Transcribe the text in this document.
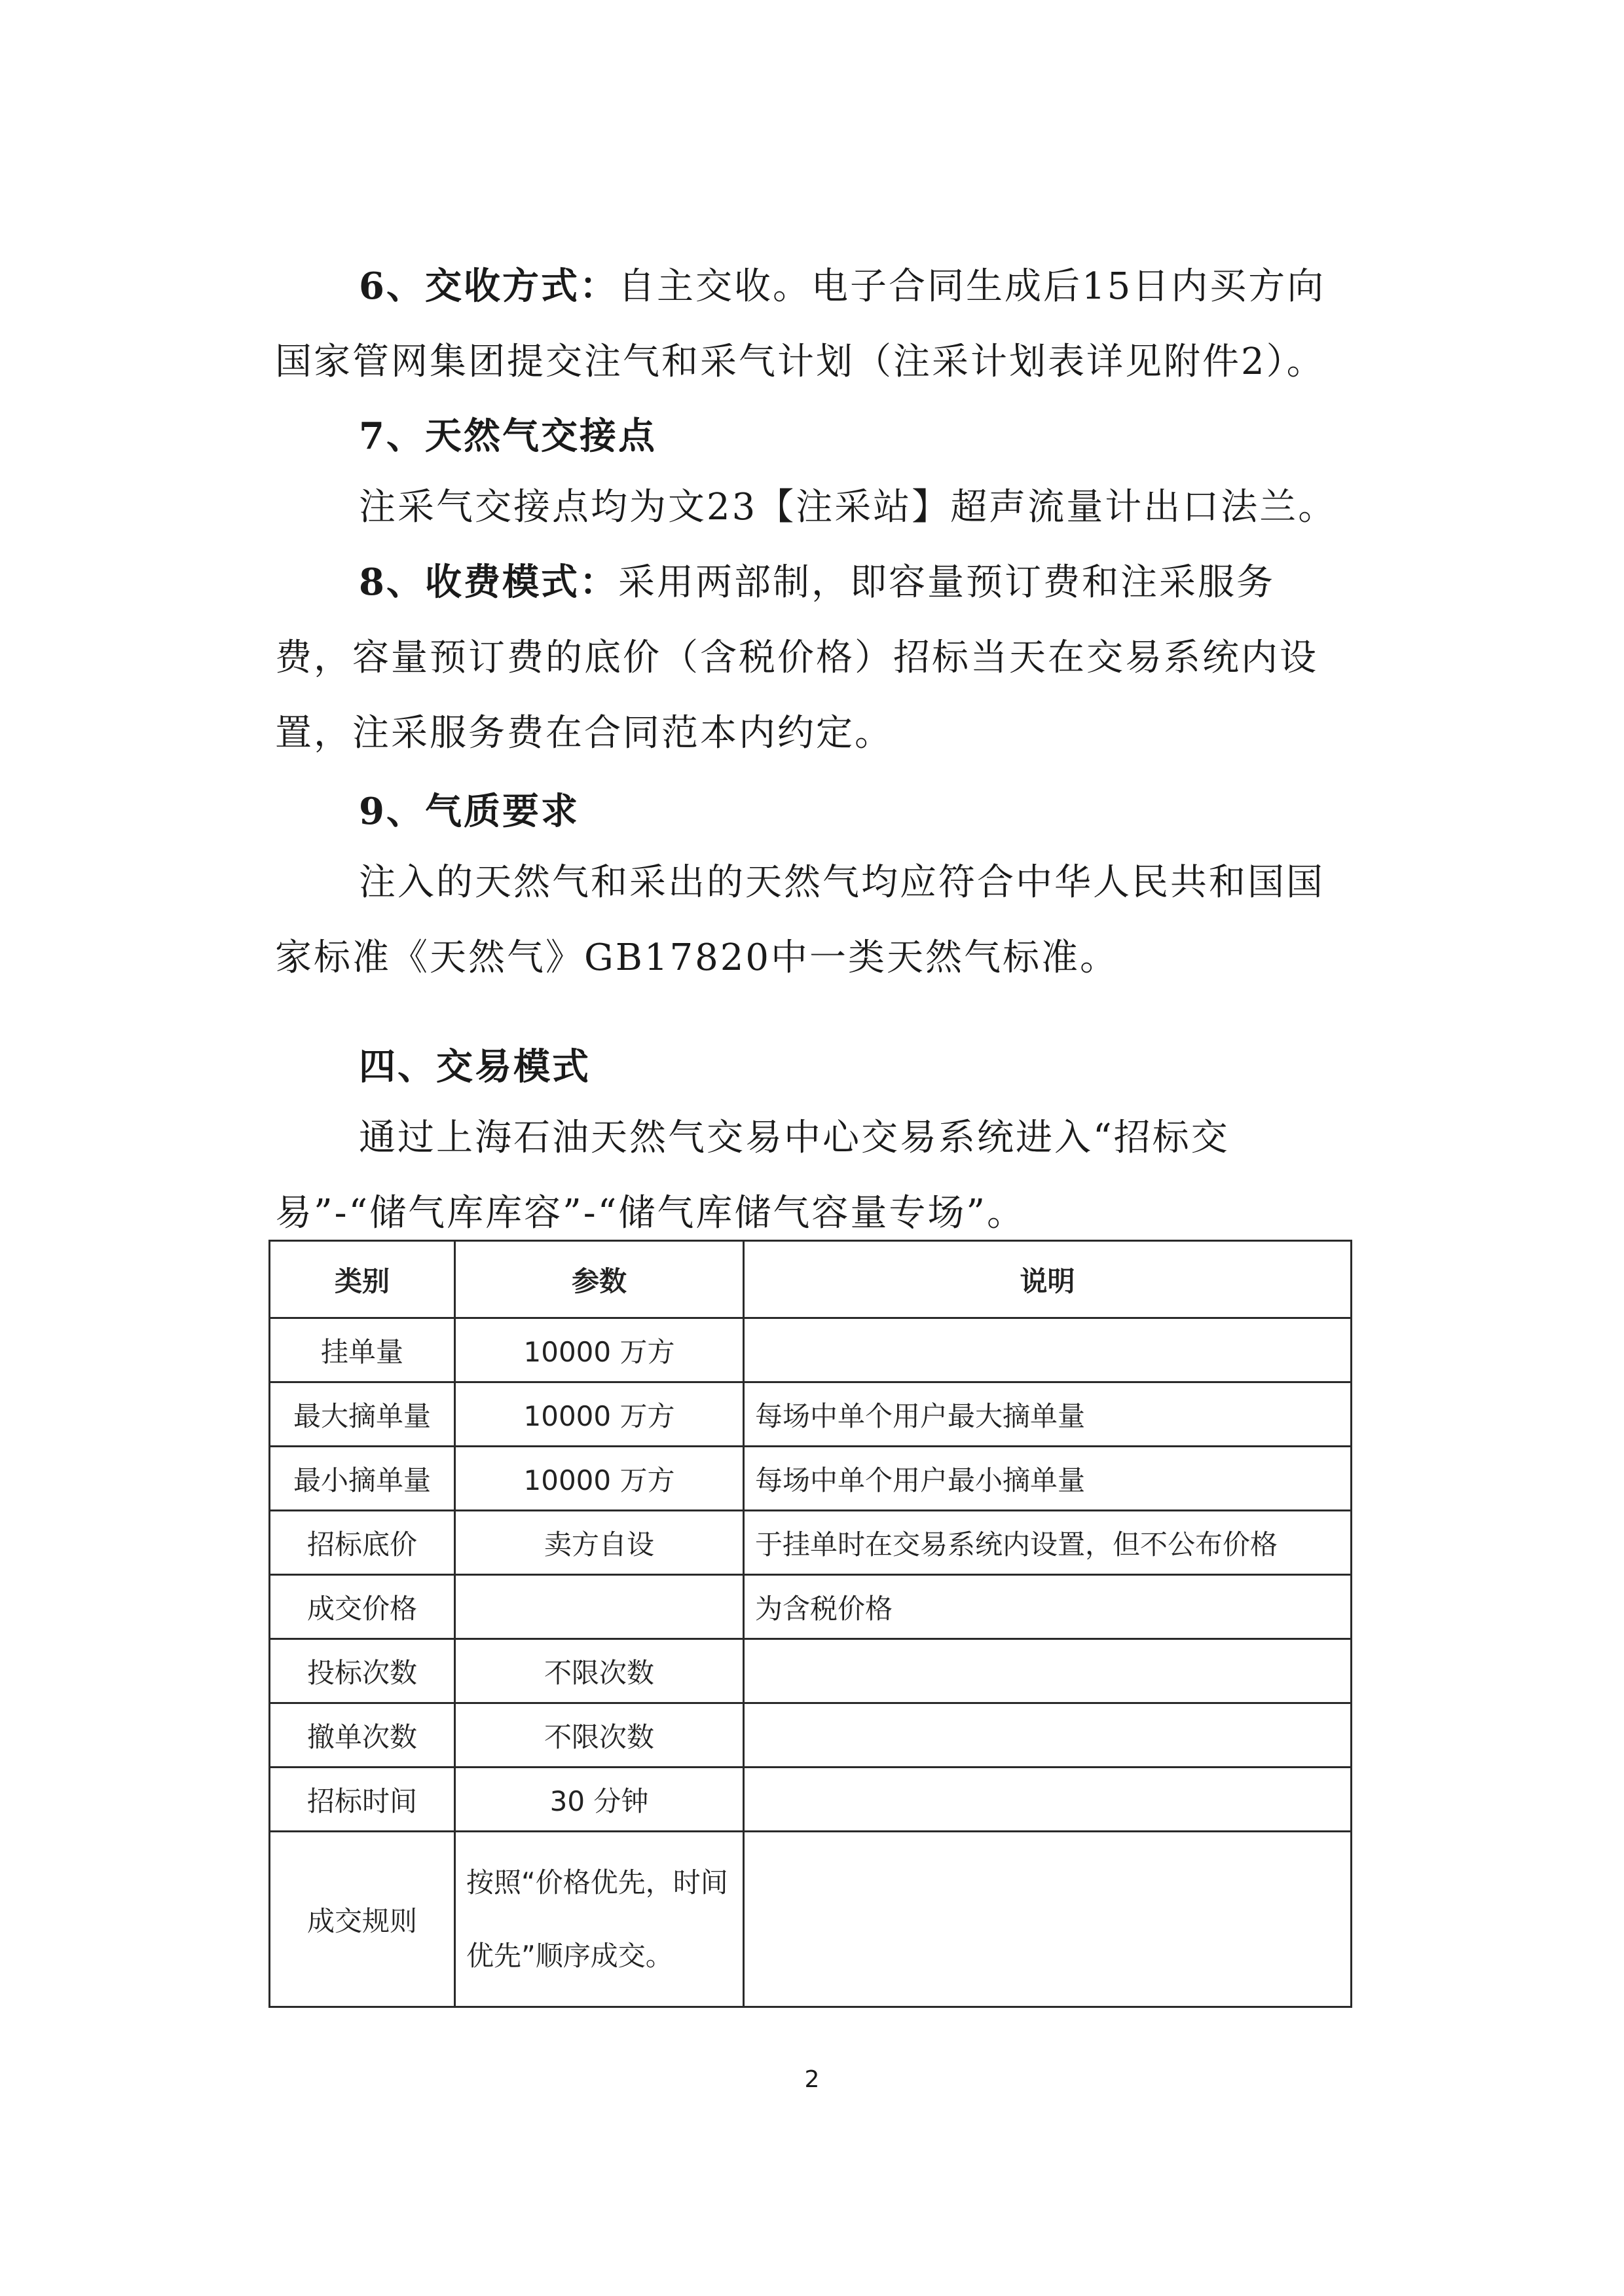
6、交收方式：自主交收。电子合同生成后15日内买方向国家管网集团提交注气和采气计划（注采计划表详见附件2）。

7、天然气交接点

注采气交接点均为文23【注采站】超声流量计出口法兰。

8、收费模式：采用两部制，即容量预订费和注采服务费，容量预订费的底价（含税价格）招标当天在交易系统内设置，注采服务费在合同范本内约定。

9、气质要求

注入的天然气和采出的天然气均应符合中华人民共和国国家标准《天然气》GB17820中一类天然气标准。

四、交易模式

通过上海石油天然气交易中心交易系统进入“招标交易”-“储气库库容”-“储气库储气容量专场”。

类别	参数	说明
挂单量	10000 万方	
最大摘单量	10000 万方	每场中单个用户最大摘单量
最小摘单量	10000 万方	每场中单个用户最小摘单量
招标底价	卖方自设	于挂单时在交易系统内设置，但不公布价格
成交价格		为含税价格
投标次数	不限次数	
撤单次数	不限次数	
招标时间	30 分钟	
成交规则	按照“价格优先，时间优先”顺序成交。	
2
